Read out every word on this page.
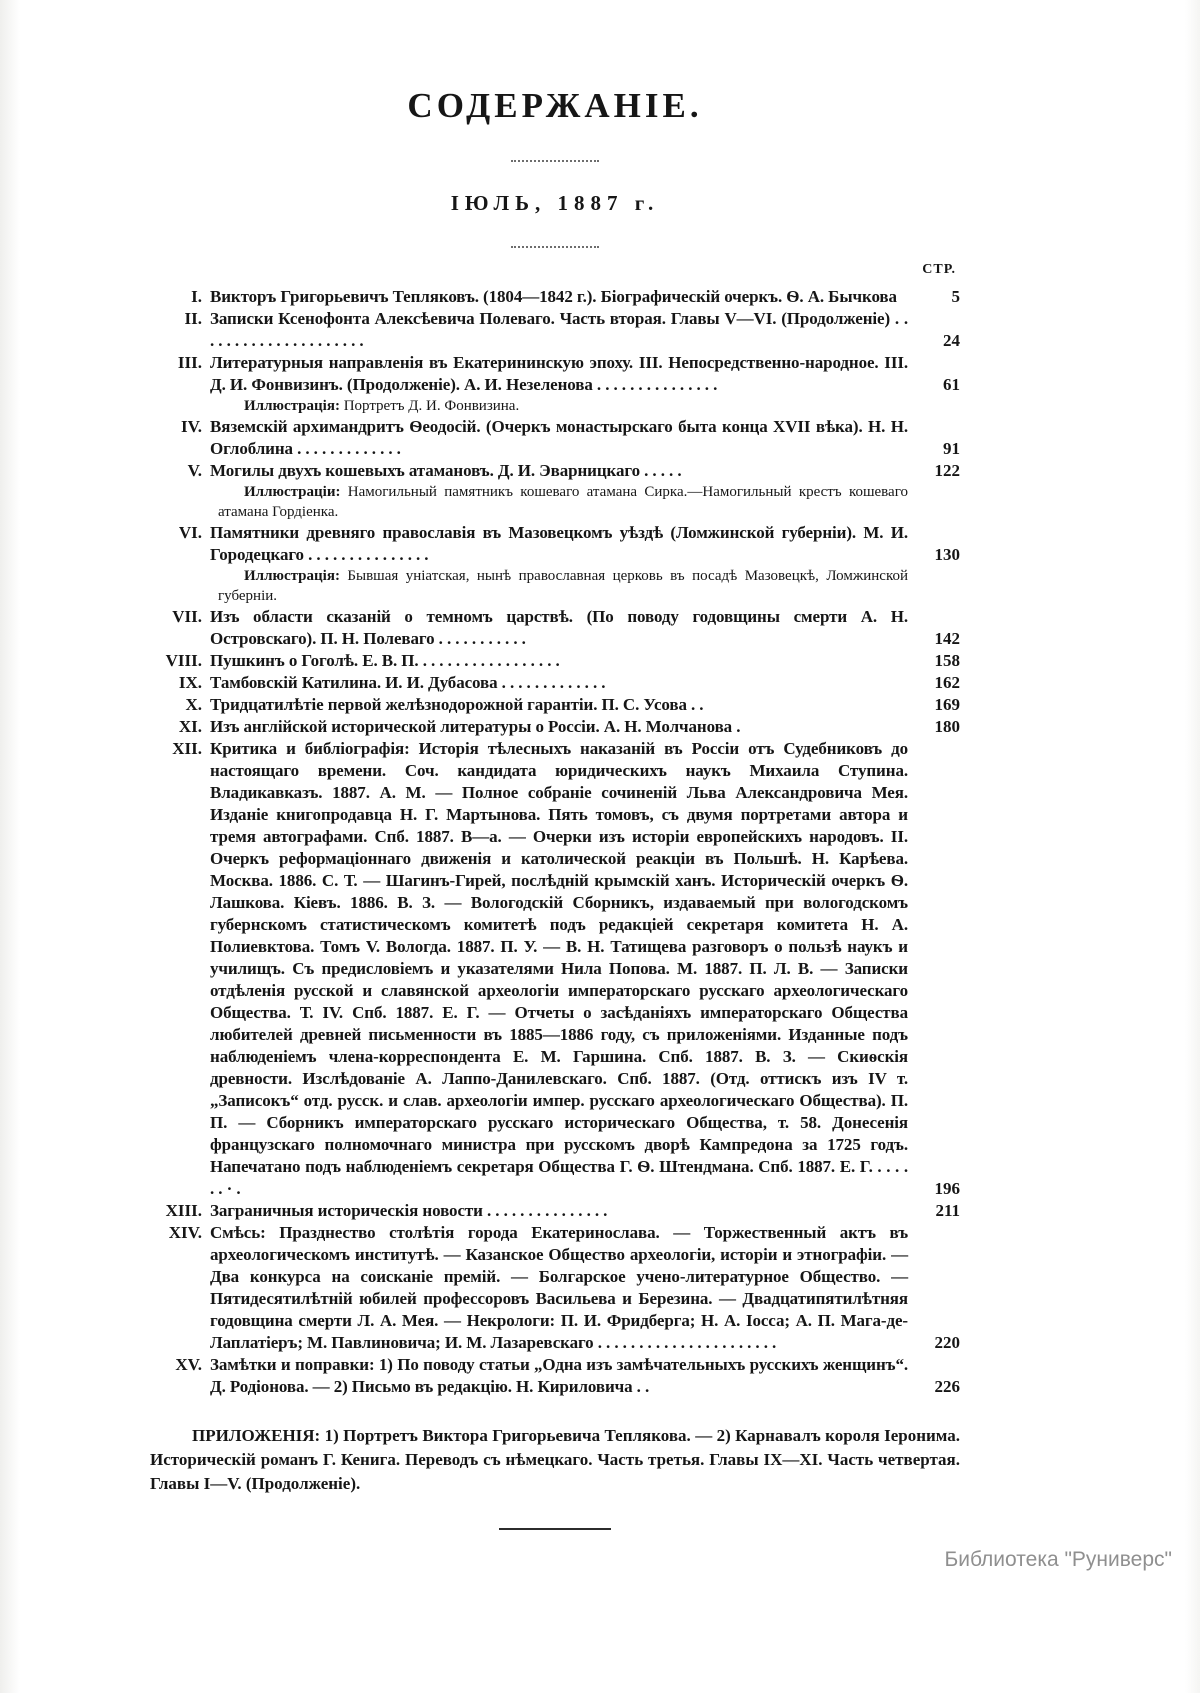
СОДЕРЖАНІЕ.
ІЮЛЬ, 1887 г.
СТР.
I. Викторъ Григорьевичъ Тепляковъ. (1804—1842 г.). Біографическій очеркъ. Ѳ. А. Бычкова	5
II. Записки Ксенофонта Алексѣевича Полеваго. Часть вторая. Главы V—VI. (Продолженіе) . . . . . . . . . . . . . . . . . . . . .	24
III. Литературныя направленія въ Екатерининскую эпоху. III. Непосредственно-народное. III. Д. И. Фонвизинъ. (Продолженіе). А. И. Незеленова . . . . . . . . . . . . . . .	61
Иллюстрація: Портретъ Д. И. Фонвизина.
IV. Вяземскій архимандритъ Ѳеодосій. (Очеркъ монастырскаго быта конца XVII вѣка). Н. Н. Оглоблина . . . . . . . . . . . . .	91
V. Могилы двухъ кошевыхъ атамановъ. Д. И. Эварницкаго . . . . .	122
Иллюстраціи: Намогильный памятникъ кошеваго атамана Сирка.—Намогильный крестъ кошеваго атамана Гордіенка.
VI. Памятники древняго православія въ Мазовецкомъ уѣздѣ (Ломжинской губерніи). М. И. Городецкаго . . . . . . . . . . . . . . .	130
Иллюстрація: Бывшая уніатская, нынѣ православная церковь въ посадѣ Мазовецкѣ, Ломжинской губерніи.
VII. Изъ области сказаній о темномъ царствѣ. (По поводу годовщины смерти А. Н. Островскаго). П. Н. Полеваго . . . . . . . . . . .	142
VIII. Пушкинъ о Гоголѣ. Е. В. П. . . . . . . . . . . . . . . . . .	158
IX. Тамбовскій Катилина. И. И. Дубасова . . . . . . . . . . . . .	162
X. Тридцатилѣтіе первой желѣзнодорожной гарантіи. П. С. Усова . .	169
XI. Изъ англійской исторической литературы о Россіи. А. Н. Молчанова .	180
XII. Критика и библіографія: Исторія тѣлесныхъ наказаній въ Россіи отъ Судебниковъ до настоящаго времени. Соч. кандидата юридическихъ наукъ Михаила Ступина. Владикавказъ. 1887. А. М. — Полное собраніе сочиненій Льва Александровича Мея. Изданіе книгопродавца Н. Г. Мартынова. Пять томовъ, съ двумя портретами автора и тремя автографами. Спб. 1887. В—а. — Очерки изъ исторіи европейскихъ народовъ. II. Очеркъ реформаціоннаго движенія и католической реакціи въ Польшѣ. Н. Карѣева. Москва. 1886. С. Т. — Шагинъ-Гирей, послѣдній крымскій ханъ. Историческій очеркъ Ѳ. Лашкова. Кіевъ. 1886. В. З. — Вологодскій Сборникъ, издаваемый при вологодскомъ губернскомъ статистическомъ комитетѣ подъ редакціей секретаря комитета Н. А. Полиевктова. Томъ V. Вологда. 1887. П. У. — В. Н. Татищева разговоръ о пользѣ наукъ и училищъ. Съ предисловіемъ и указателями Нила Попова. М. 1887. П. Л. В. — Записки отдѣленія русской и славянской археологіи императорскаго русскаго археологическаго Общества. Т. IV. Спб. 1887. Е. Г. — Отчеты о засѣданіяхъ императорскаго Общества любителей древней письменности въ 1885—1886 году, съ приложеніями. Изданные подъ наблюденіемъ члена-корреспондента Е. М. Гаршина. Спб. 1887. В. З. — Скиѳскія древности. Изслѣдованіе А. Лаппо-Данилевскаго. Спб. 1887. (Отд. оттискъ изъ IV т. „Записокъ“ отд. русск. и слав. археологіи импер. русскаго археологическаго Общества). П. П. — Сборникъ императорскаго русскаго историческаго Общества, т. 58. Донесенія французскаго полномочнаго министра при русскомъ дворѣ Кампредона за 1725 годъ. Напечатано подъ наблюденіемъ секретаря Общества Г. Ѳ. Штендмана. Спб. 1887. Е. Г. . . . . . . · .	196
XIII. Заграничныя историческія новости . . . . . . . . . . . . . . .	211
XIV. Смѣсь: Празднество столѣтія города Екатеринослава. — Торжественный актъ въ археологическомъ институтѣ. — Казанское Общество археологіи, исторіи и этнографіи. — Два конкурса на соисканіе премій. — Болгарское учено-литературное Общество. — Пятидесятилѣтній юбилей профессоровъ Васильева и Березина. — Двадцатипятилѣтняя годовщина смерти Л. А. Мея. — Некрологи: П. И. Фридберга; Н. А. Іосса; А. П. Мага-де-Лаплатіеръ; М. Павлиновича; И. М. Лазаревскаго . . . . . . . . . . . . . . . . . . . . . .	220
XV. Замѣтки и поправки: 1) По поводу статьи „Одна изъ замѣчательныхъ русскихъ женщинъ“. Д. Родіонова. — 2) Письмо въ редакцію. Н. Кириловича . .	226

ПРИЛОЖЕНІЯ: 1) Портретъ Виктора Григорьевича Теплякова. — 2) Карнавалъ короля Іеронима. Историческій романъ Г. Кенига. Переводъ съ нѣмецкаго. Часть третья. Главы IX—XI. Часть четвертая. Главы I—V. (Продолженіе).

Библиотека "Руниверс"
